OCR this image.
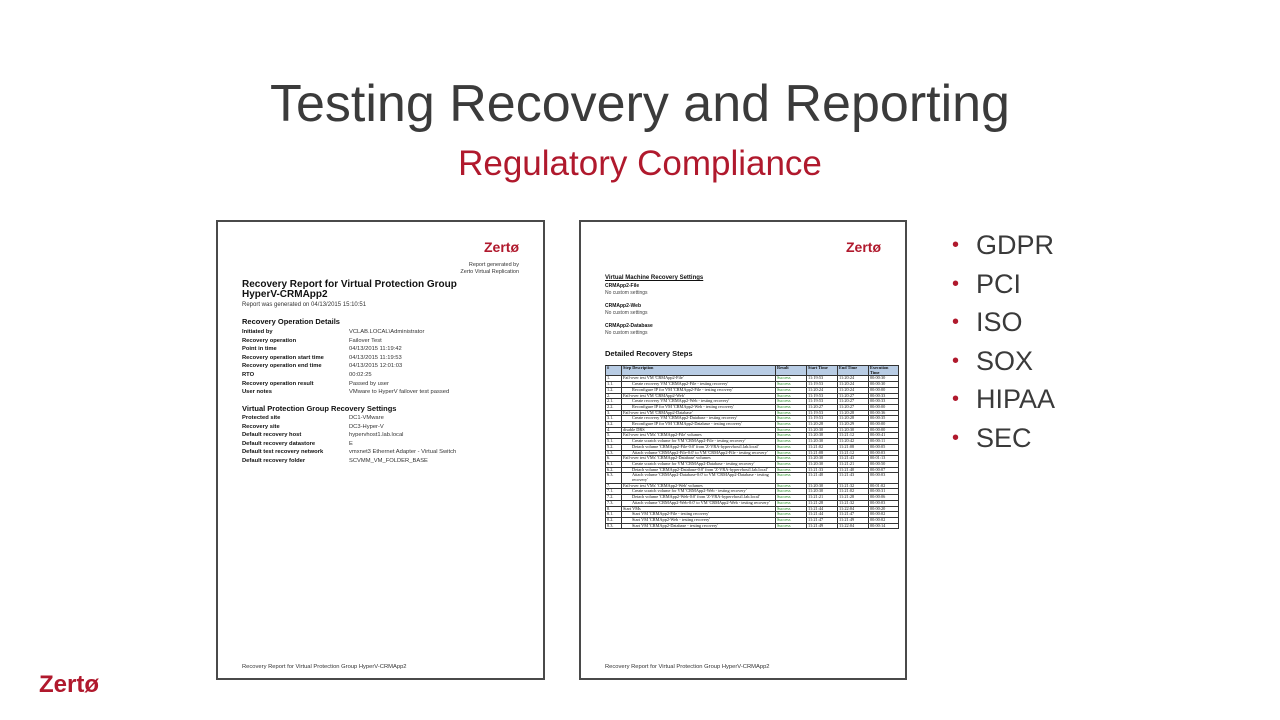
Testing Recovery and Reporting
Regulatory Compliance
Zertø
Report generated by
Zerto Virtual Replication
Recovery Report for Virtual Protection Group
HyperV-CRMApp2
Report was generated on 04/13/2015 15:10:51
Recovery Operation Details
Initiated by	VCLAB.LOCAL\Administrator
Recovery operation	Failover Test
Point in time	04/13/2015 11:19:42
Recovery operation start time	04/13/2015 11:19:53
Recovery operation end time	04/13/2015 12:01:03
RTO	00:02:25
Recovery operation result	Passed by user
User notes	VMware to HyperV failover test passed
Virtual Protection Group Recovery Settings
Protected site	DC1-VMware
Recovery site	DC3-Hyper-V
Default recovery host	hypervhost1.lab.local
Default recovery datastore	E
Default test recovery network	vmxnet3 Ethernet Adapter - Virtual Switch
Default recovery folder	SCVMM_VM_FOLDER_BASE
Recovery Report for Virtual Protection Group HyperV-CRMApp2
Zertø
Virtual Machine Recovery Settings
CRMApp2-File
No custom settings
CRMApp2-Web
No custom settings
CRMApp2-Database
No custom settings
Detailed Recovery Steps
#	Step Description	Result	Start Time	End Time	Execution Time
1.	Fail-over test VM 'CRMApp2-File'	Success	11:19:53	11:20:24	00:00:30
1.1.	Create recovery VM 'CRMApp2-File - testing recovery'	Success	11:19:53	11:20:24	00:00:30
1.2.	Reconfigure IP for VM 'CRMApp2-File - testing recovery'	Success	11:20:24	11:20:24	00:00:00
2.	Fail-over test VM 'CRMApp2-Web'	Success	11:19:53	11:20:27	00:00:33
2.1.	Create recovery VM 'CRMApp2-Web - testing recovery'	Success	11:19:53	11:20:27	00:00:33
2.2.	Reconfigure IP for VM 'CRMApp2-Web - testing recovery'	Success	11:20:27	11:20:27	00:00:00
3.	Fail-over test VM 'CRMApp2-Database'	Success	11:19:53	11:20:28	00:00:36
3.1.	Create recovery VM 'CRMApp2-Database - testing recovery'	Success	11:19:53	11:20:28	00:00:35
3.2.	Reconfigure IP for VM 'CRMApp2-Database - testing recovery'	Success	11:20:28	11:20:29	00:00:00
4.	disable DRS	Success	11:20:30	11:20:30	00:00:00
5.	Fail-over test VMs' 'CRMApp2-File' volumes	Success	11:20:30	11:21:12	00:00:41
5.1.	Create scratch volume for VM 'CRMApp2-File - testing recovery'	Success	11:20:30	11:20:42	00:00:11
5.2.	Detach volume 'CRMApp2-File-0:0' from 'Z-VRA-hypervhost1.lab.local'	Success	11:21:02	11:21:08	00:00:05
5.3.	Attach volume 'CRMApp2-File-0:0' to VM 'CRMApp2-File - testing recovery'	Success	11:21:08	11:21:12	00:00:03
6.	Fail-over test VMs' 'CRMApp2-Database' volumes	Success	11:20:30	11:21:43	00:01:13
6.1.	Create scratch volume for VM 'CRMApp2-Database - testing recovery'	Success	11:20:30	11:21:21	00:00:50
6.2.	Detach volume 'CRMApp2-Database-0:0' from 'Z-VRA-hypervhost1.lab.local'	Success	11:21:33	11:21:40	00:00:07
6.3.	Attach volume 'CRMApp2-Database-0:0' to VM 'CRMApp2-Database - testing recovery'	Success	11:21:40	11:21:43	00:00:03
7.	Fail-over test VMs' 'CRMApp2-Web' volumes	Success	11:20:30	11:21:32	00:01:02
7.1.	Create scratch volume for VM 'CRMApp2-Web - testing recovery'	Success	11:20:30	11:21:02	00:00:31
7.2.	Detach volume 'CRMApp2-Web-0:0' from 'Z-VRA-hypervhost1.lab.local'	Success	11:21:21	11:21:28	00:00:06
7.3.	Attach volume 'CRMApp2-Web-0:0' to VM 'CRMApp2-Web - testing recovery'	Success	11:21:28	11:21:32	00:00:03
8.	Start VMs	Success	11:21:44	11:22:04	00:00:20
8.1.	Start VM 'CRMApp2-File - testing recovery'	Success	11:21:44	11:21:47	00:00:02
8.2.	Start VM 'CRMApp2-Web - testing recovery'	Success	11:21:47	11:21:49	00:00:02
8.3.	Start VM 'CRMApp2-Database - testing recovery'	Success	11:21:49	11:22:04	00:00:14
Recovery Report for Virtual Protection Group HyperV-CRMApp2
• GDPR
• PCI
• ISO
• SOX
• HIPAA
• SEC
Zertø
